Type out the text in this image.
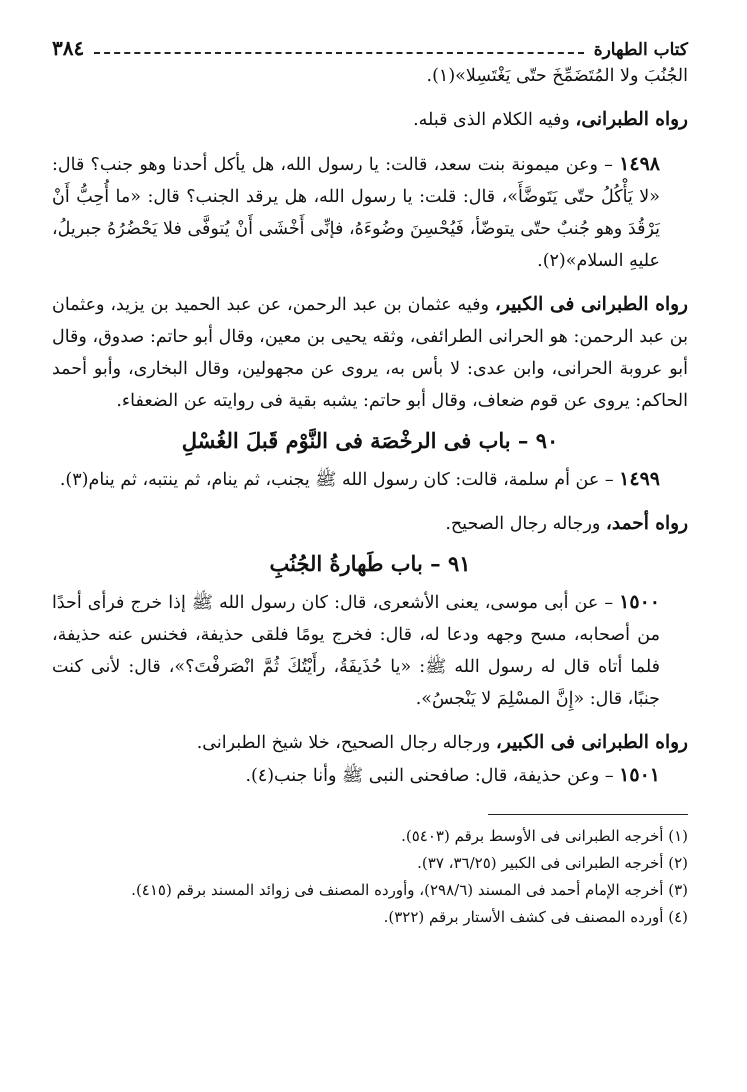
كتاب الطهارة
٣٨٤

الجُنُبَ ولا المُتَضَمِّخَ حتّى يَغْتَسِلا»(١).

رواه الطبرانى، وفيه الكلام الذى قبله.

١٤٩٨ – وعن ميمونة بنت سعد، قالت: يا رسول الله، هل يأكل أحدنا وهو جنب؟ قال: «لا يَأْكُلُ حتّى يَتَوضَّأَ»، قال: قلت: يا رسول الله، هل يرقد الجنب؟ قال: «ما أُحِبُّ أَنْ يَرْقُدَ وهو جُنبٌ حتّى يتوضّأ، فَيُحْسِنَ وضُوءَهُ، فإنِّى أَخْشَى أَنْ يُتوفَّى فلا يَحْضُرُهُ جبريلُ، عليهِ السلام»(٢).

رواه الطبرانى فى الكبير، وفيه عثمان بن عبد الرحمن، عن عبد الحميد بن يزيد، وعثمان بن عبد الرحمن: هو الحرانى الطرائفى، وثقه يحيى بن معين، وقال أبو حاتم: صدوق، وقال أبو عروبة الحرانى، وابن عدى: لا بأس به، يروى عن مجهولين، وقال البخارى، وأبو أحمد الحاكم: يروى عن قوم ضعاف، وقال أبو حاتم: يشبه بقية فى روايته عن الضعفاء.

٩٠ – باب فى الرخْصَة فى النَّوْم قَبلَ الغُسْلِ

١٤٩٩ – عن أم سلمة، قالت: كان رسول الله ﷺ يجنب، ثم ينام، ثم ينتبه، ثم ينام(٣).

رواه أحمد، ورجاله رجال الصحيح.

٩١ – باب طَهارةُ الجُنُبِ

١٥٠٠ – عن أبى موسى، يعنى الأشعرى، قال: كان رسول الله ﷺ إذا خرج فرأى أحدًا من أصحابه، مسح وجهه ودعا له، قال: فخرج يومًا فلقى حذيفة، فخنس عنه حذيفة، فلما أتاه قال له رسول الله ﷺ: «يا حُذَيفَةُ، رأَيْتُكَ ثُمَّ انْصَرفْتَ؟»، قال: لأنى كنت جنبًا، قال: «إِنَّ المسْلِمَ لا يَنْجسُ».

رواه الطبرانى فى الكبير، ورجاله رجال الصحيح، خلا شيخ الطبرانى.

١٥٠١ – وعن حذيفة، قال: صافحنى النبى ﷺ وأنا جنب(٤).

(١) أخرجه الطبرانى فى الأوسط برقم (٥٤٠٣).

(٢) أخرجه الطبرانى فى الكبير (٣٦/٢٥، ٣٧).

(٣) أخرجه الإمام أحمد فى المسند (٢٩٨/٦)، وأورده المصنف فى زوائد المسند برقم (٤١٥).

(٤) أورده المصنف فى كشف الأستار برقم (٣٢٢).
